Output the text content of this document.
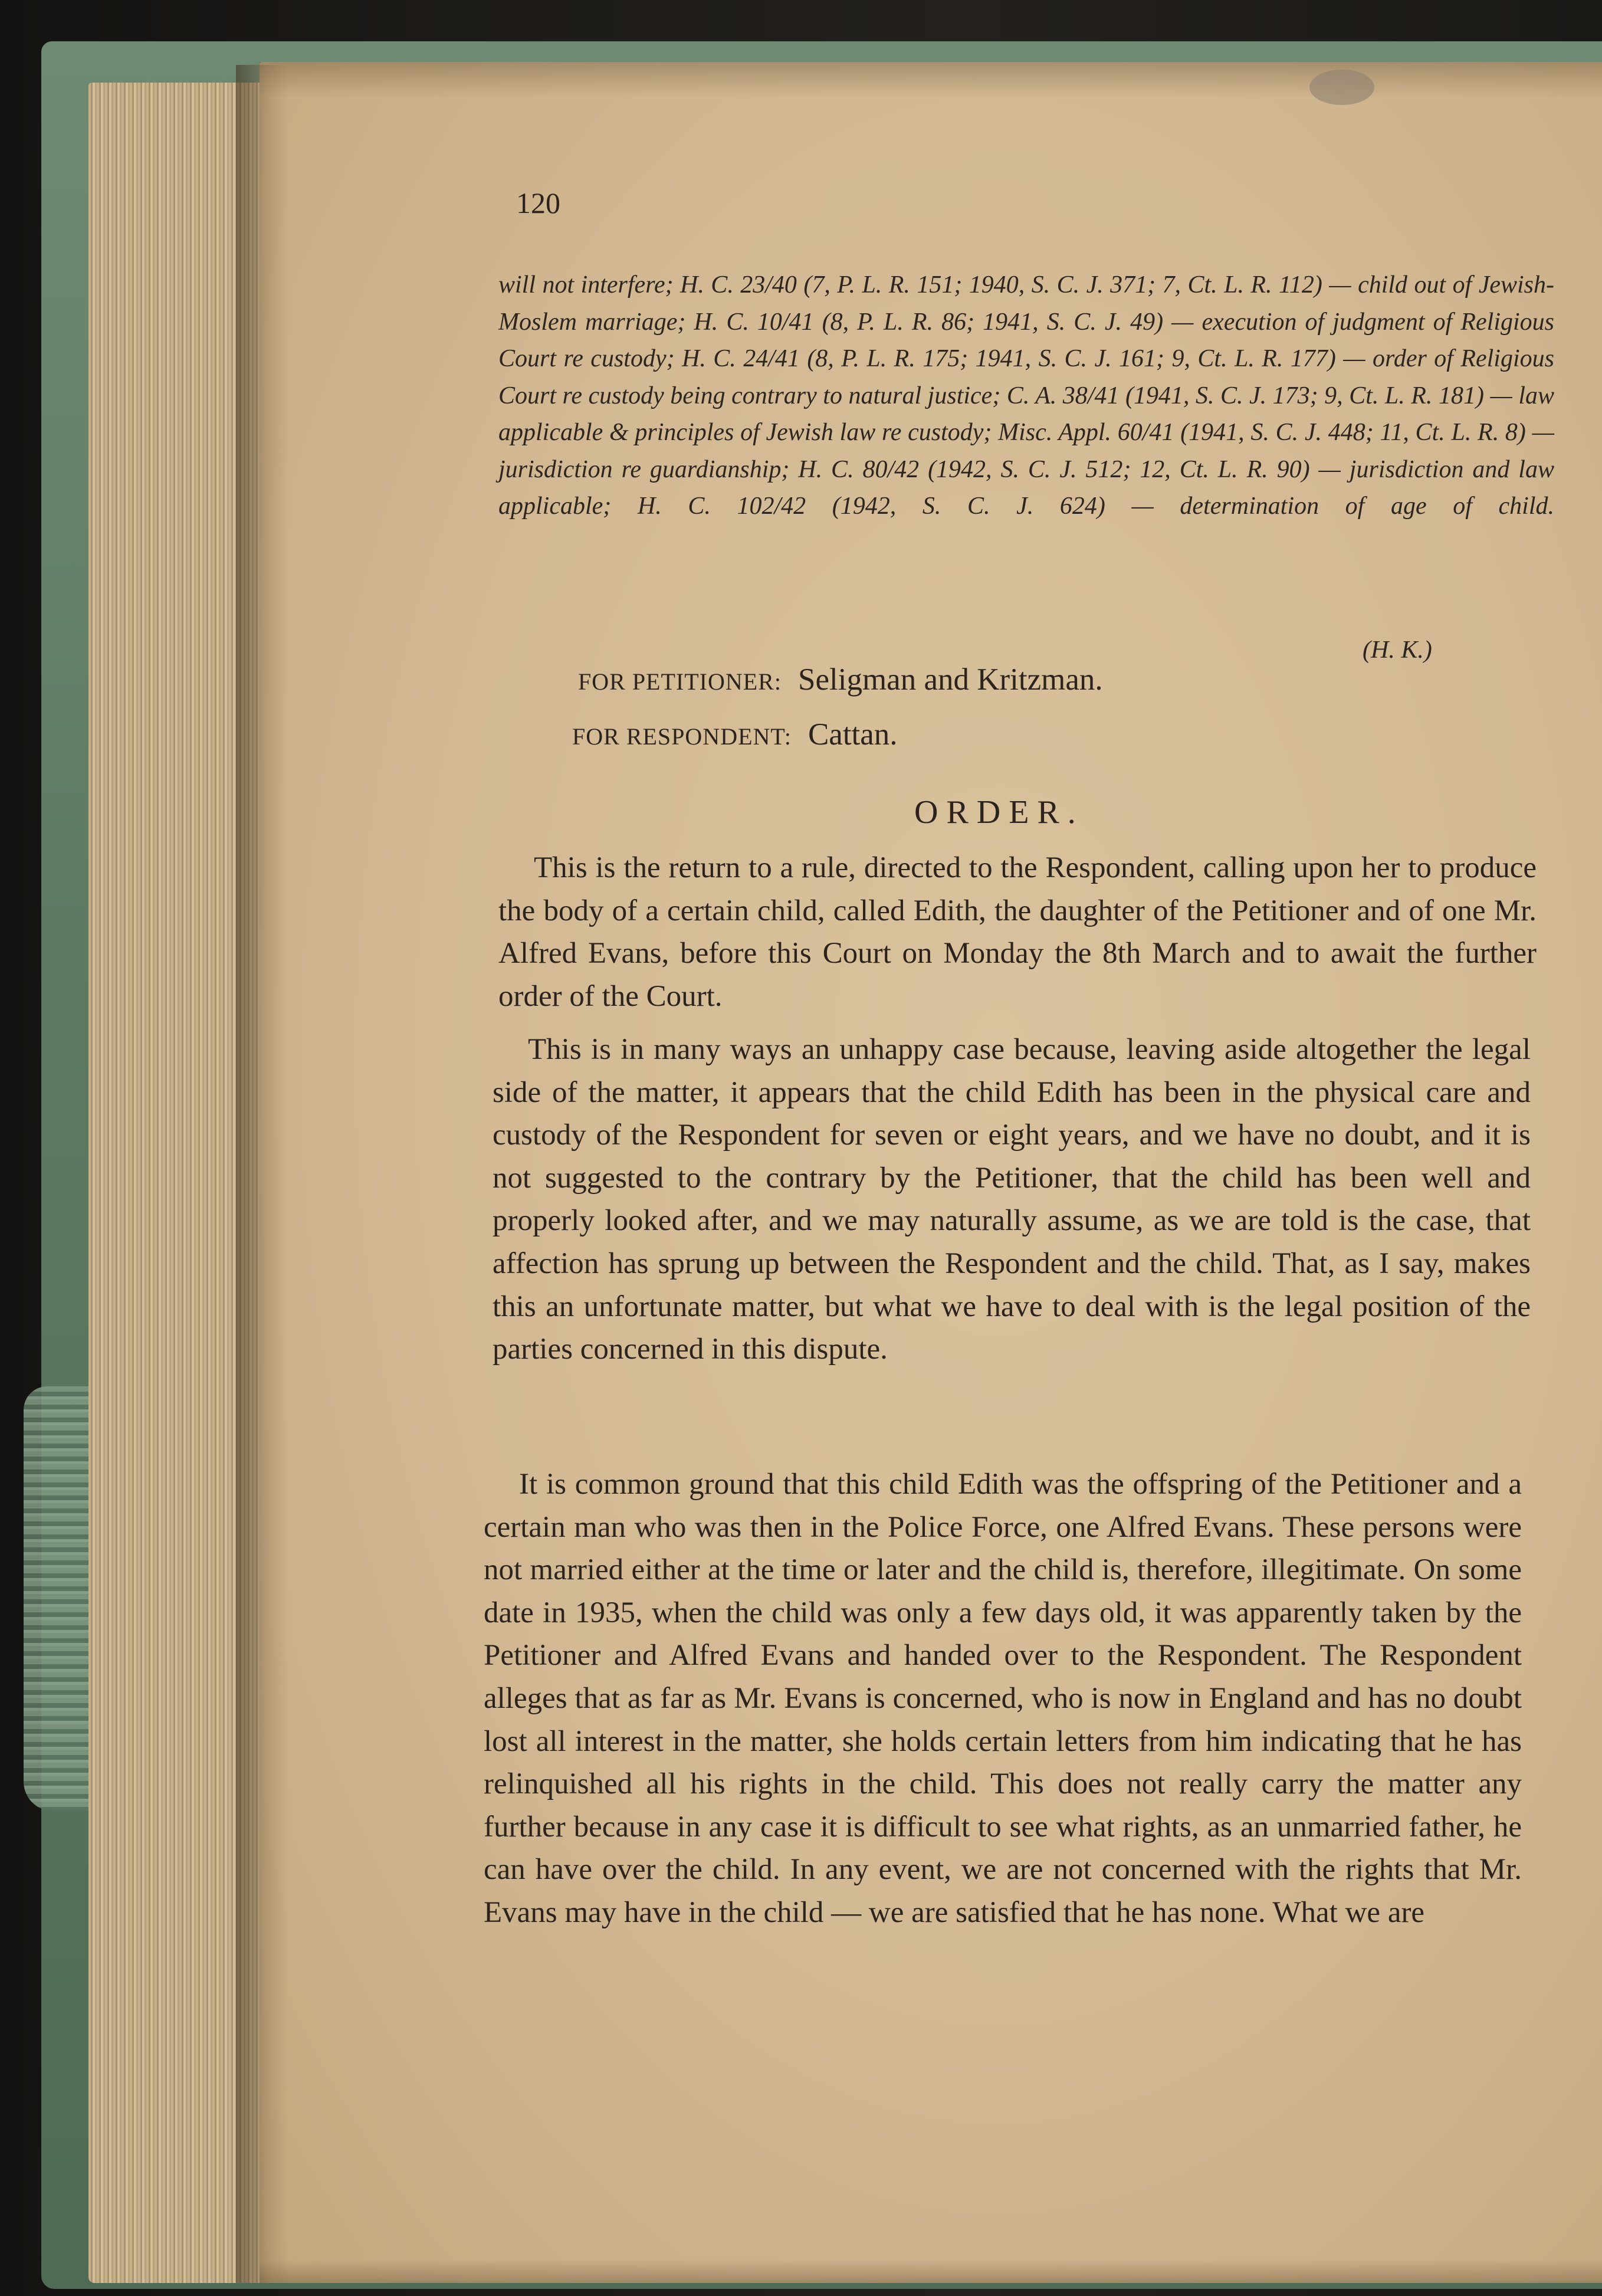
120
will not interfere; H. C. 23/40 (7, P. L. R. 151; 1940, S. C. J. 371; 7, Ct. L. R. 112) — child out of Jewish-Moslem marriage; H. C. 10/41 (8, P. L. R. 86; 1941, S. C. J. 49) — execution of judgment of Religious Court re custody; H. C. 24/41 (8, P. L. R. 175; 1941, S. C. J. 161; 9, Ct. L. R. 177) — order of Religious Court re custody being contrary to natural justice; C. A. 38/41 (1941, S. C. J. 173; 9, Ct. L. R. 181) — law applicable & principles of Jewish law re custody; Misc. Appl. 60/41 (1941, S. C. J. 448; 11, Ct. L. R. 8) — jurisdiction re guardianship; H. C. 80/42 (1942, S. C. J. 512; 12, Ct. L. R. 90) — jurisdiction and law applicable; H. C. 102/42 (1942, S. C. J. 624) — determination of age of child.
(H. K.)
FOR PETITIONER: Seligman and Kritzman.
FOR RESPONDENT: Cattan.
ORDER.

This is the return to a rule, directed to the Respondent, calling upon her to produce the body of a certain child, called Edith, the daughter of the Petitioner and of one Mr. Alfred Evans, before this Court on Monday the 8th March and to await the further order of the Court.

This is in many ways an unhappy case because, leaving aside altogether the legal side of the matter, it appears that the child Edith has been in the physical care and custody of the Respondent for seven or eight years, and we have no doubt, and it is not suggested to the contrary by the Petitioner, that the child has been well and properly looked after, and we may naturally assume, as we are told is the case, that affection has sprung up between the Respondent and the child. That, as I say, makes this an unfortunate matter, but what we have to deal with is the legal position of the parties concerned in this dispute.

It is common ground that this child Edith was the offspring of the Petitioner and a certain man who was then in the Police Force, one Alfred Evans. These persons were not married either at the time or later and the child is, therefore, illegitimate. On some date in 1935, when the child was only a few days old, it was apparently taken by the Petitioner and Alfred Evans and handed over to the Respondent. The Respondent alleges that as far as Mr. Evans is concerned, who is now in England and has no doubt lost all interest in the matter, she holds certain letters from him indicating that he has relinquished all his rights in the child. This does not really carry the matter any further because in any case it is difficult to see what rights, as an unmarried father, he can have over the child. In any event, we are not concerned with the rights that Mr. Evans may have in the child — we are satisfied that he has none. What we are
